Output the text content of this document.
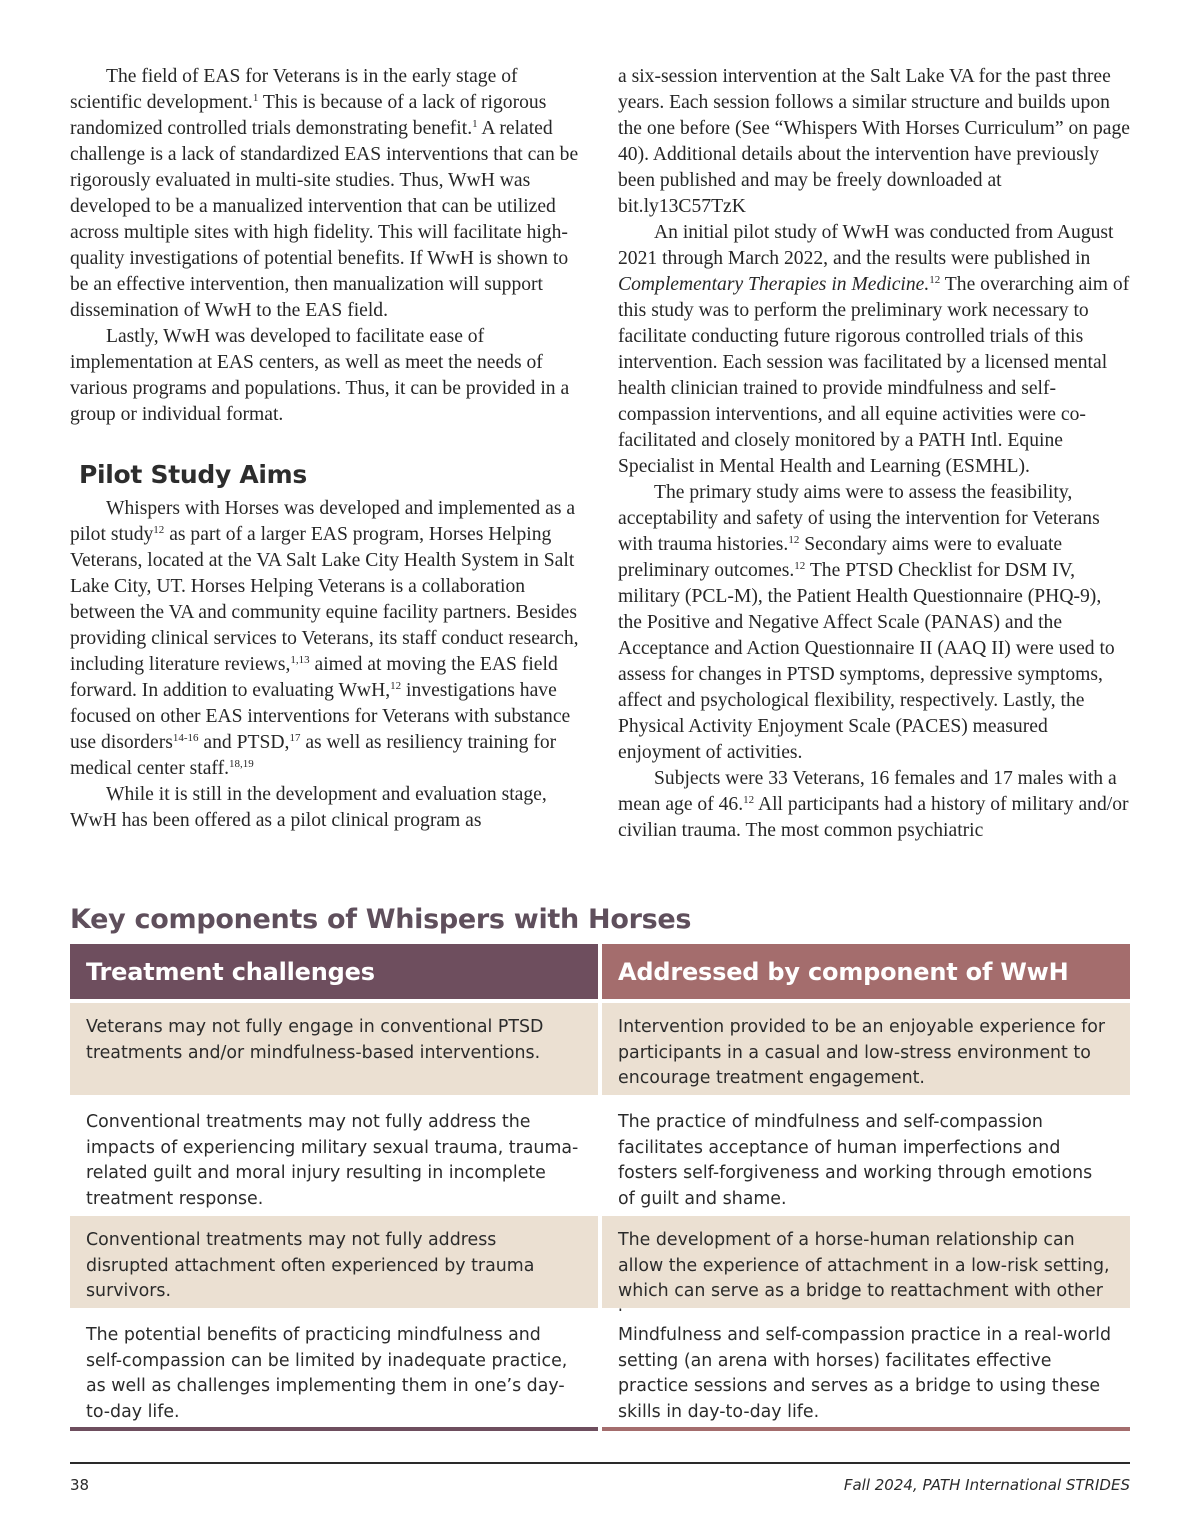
The field of EAS for Veterans is in the early stage of scientific development.$^1$ This is because of a lack of rigorous randomized controlled trials demonstrating benefit.$^1$ A related challenge is a lack of standardized EAS interventions that can be rigorously evaluated in multi-site studies. Thus, WwH was developed to be a manualized intervention that can be utilized across multiple sites with high fidelity. This will facilitate high-quality investigations of potential benefits. If WwH is shown to be an effective intervention, then manualization will support dissemination of WwH to the EAS field.

Lastly, WwH was developed to facilitate ease of implementation at EAS centers, as well as meet the needs of various programs and populations. Thus, it can be provided in a group or individual format.

Pilot Study Aims

Whispers with Horses was developed and implemented as a pilot study$^{12}$ as part of a larger EAS program, Horses Helping Veterans, located at the VA Salt Lake City Health System in Salt Lake City, UT. Horses Helping Veterans is a collaboration between the VA and community equine facility partners. Besides providing clinical services to Veterans, its staff conduct research, including literature reviews,$^{1,13}$ aimed at moving the EAS field forward. In addition to evaluating WwH,$^{12}$ investigations have focused on other EAS interventions for Veterans with substance use disorders$^{14-16}$ and PTSD,$^{17}$ as well as resiliency training for medical center staff.$^{18,19}$

While it is still in the development and evaluation stage, WwH has been offered as a pilot clinical program as

a six-session intervention at the Salt Lake VA for the past three years. Each session follows a similar structure and builds upon the one before (See “Whispers With Horses Curriculum” on page 40). Additional details about the intervention have previously been published and may be freely downloaded at bit.ly13C57TzK

An initial pilot study of WwH was conducted from August 2021 through March 2022, and the results were published in Complementary Therapies in Medicine.$^{12}$ The overarching aim of this study was to perform the preliminary work necessary to facilitate conducting future rigorous controlled trials of this intervention. Each session was facilitated by a licensed mental health clinician trained to provide mindfulness and self-compassion interventions, and all equine activities were co-facilitated and closely monitored by a PATH Intl. Equine Specialist in Mental Health and Learning (ESMHL).

The primary study aims were to assess the feasibility, acceptability and safety of using the intervention for Veterans with trauma histories.$^{12}$ Secondary aims were to evaluate preliminary outcomes.$^{12}$ The PTSD Checklist for DSM IV, military (PCL-M), the Patient Health Questionnaire (PHQ-9), the Positive and Negative Affect Scale (PANAS) and the Acceptance and Action Questionnaire II (AAQ II) were used to assess for changes in PTSD symptoms, depressive symptoms, affect and psychological flexibility, respectively. Lastly, the Physical Activity Enjoyment Scale (PACES) measured enjoyment of activities.

Subjects were 33 Veterans, 16 females and 17 males with a mean age of 46.12 All participants had a history of military and/or civilian trauma. The most common psychiatric

Key components of Whispers with Horses
Treatment challenges	Addressed by component of WwH
Veterans may not fully engage in conventional PTSD treatments and/or mindfulness-based interventions.
Intervention provided to be an enjoyable experience for participants in a casual and low-stress environment to encourage treatment engagement.
Conventional treatments may not fully address the impacts of experiencing military sexual trauma, trauma-related guilt and moral injury resulting in incomplete treatment response.
The practice of mindfulness and self-compassion facilitates acceptance of human imperfections and fosters self-forgiveness and working through emotions of guilt and shame.
Conventional treatments may not fully address disrupted attachment often experienced by trauma survivors.
The development of a horse-human relationship can allow the experience of attachment in a low-risk setting, which can serve as a bridge to reattachment with other
The potential benefits of practicing mindfulness and self-compassion can be limited by inadequate practice, as well as challenges implementing them in one’s day-to-day life.
Mindfulness and self-compassion practice in a real-world setting (an arena with horses) facilitates effective practice sessions and serves as a bridge to using these skills in day-to-day life.
38	Fall 2024, PATH International STRIDES
